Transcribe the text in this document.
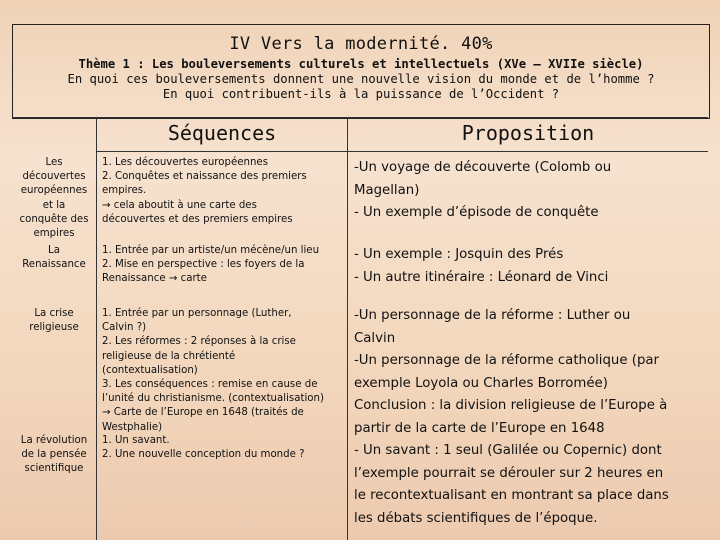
IV Vers la modernité. 40%
Thème 1 : Les bouleversements culturels et intellectuels (XVe – XVIIe siècle)
En quoi ces bouleversements donnent une nouvelle vision du monde et de l’homme ?
En quoi contribuent-ils à la puissance de l’Occident ?
Séquences	Proposition
Les
découvertes
européennes
et la
conquête des
empires
1. Les découvertes européennes
2. Conquêtes et naissance des premiers
empires.
→ cela aboutit à une carte des
découvertes et des premiers empires
La
Renaissance
1. Entrée par un artiste/un mécène/un lieu
2. Mise en perspective : les foyers de la
Renaissance → carte
La crise
religieuse
1. Entrée par un personnage (Luther,
Calvin ?)
2. Les réformes : 2 réponses à la crise
religieuse de la chrétienté
(contextualisation)
3. Les conséquences : remise en cause de
l’unité du christianisme. (contextualisation)
→ Carte de l’Europe en 1648 (traités de
Westphalie)
La révolution
de la pensée
scientifique
1. Un savant.
2. Une nouvelle conception du monde ?
-Un voyage de découverte (Colomb ou
Magellan)
- Un exemple d’épisode de conquête
- Un exemple : Josquin des Prés
- Un autre itinéraire : Léonard de Vinci
-Un personnage de la réforme : Luther ou
Calvin
-Un personnage de la réforme catholique (par
exemple Loyola ou Charles Borromée)
Conclusion : la division religieuse de l’Europe à
partir de la carte de l’Europe en 1648
- Un savant : 1 seul (Galilée ou Copernic) dont
l’exemple pourrait se dérouler sur 2 heures en
le recontextualisant en montrant sa place dans
les débats scientifiques de l’époque.
